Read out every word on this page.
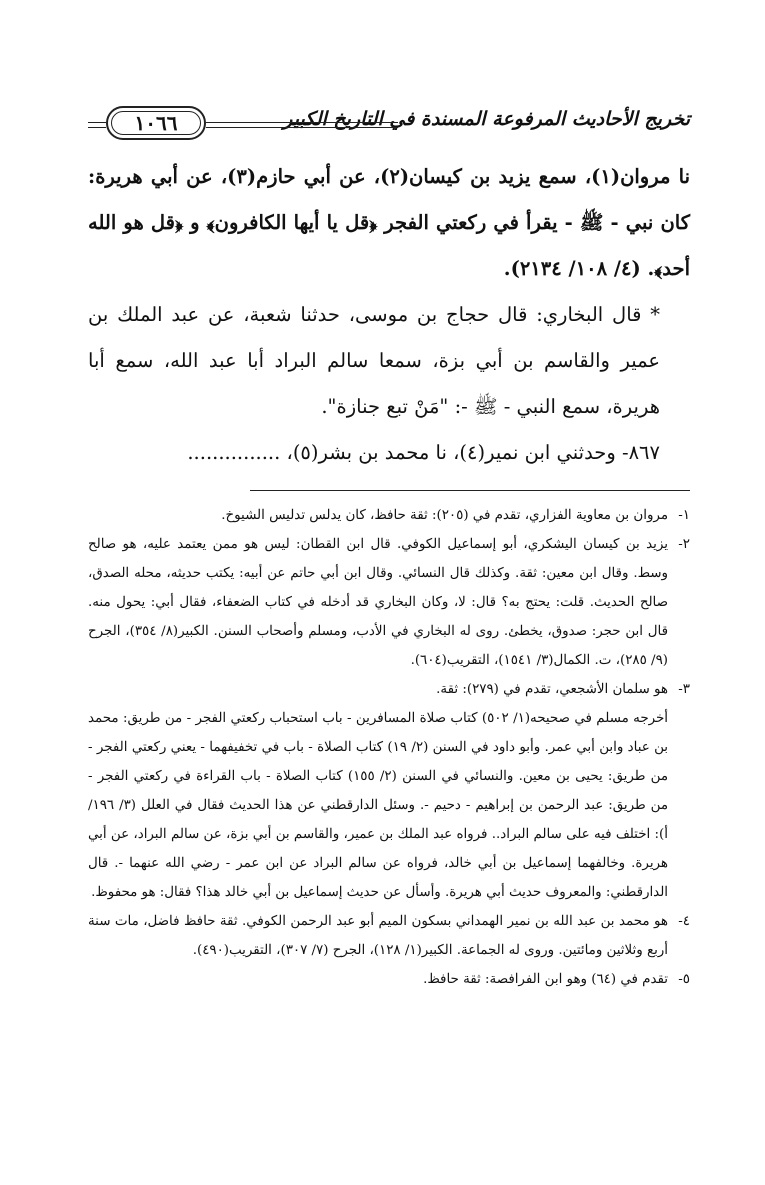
تخريج الأحاديث المرفوعة المسندة في التاريخ الكبير
١٠٦٦

نا مروان(١)، سمع يزيد بن كيسان(٢)، عن أبي حازم(٣)، عن أبي هريرة: كان نبي - ﷺ - يقرأ في ركعتي الفجر ﴿قل يا أيها الكافرون﴾ و ﴿قل هو الله أحد﴾. (٤/ ١٠٨/ ٢١٣٤).

* قال البخاري: قال حجاج بن موسى، حدثنا شعبة، عن عبد الملك بن عمير والقاسم بن أبي بزة، سمعا سالم البراد أبا عبد الله، سمع أبا هريرة، سمع النبي - ﷺ -: "مَنْ تبع جنازة".

٨٦٧- وحدثني ابن نمير(٤)، نا محمد بن بشر(٥)، ...............

١-

مروان بن معاوية الفزاري، تقدم في (٢٠٥): ثقة حافظ، كان يدلس تدليس الشيوخ.

٢-

يزيد بن كيسان اليشكري، أبو إسماعيل الكوفي. قال ابن القطان: ليس هو ممن يعتمد عليه، هو صالح وسط. وقال ابن معين: ثقة. وكذلك قال النسائي. وقال ابن أبي حاتم عن أبيه: يكتب حديثه، محله الصدق، صالح الحديث. قلت: يحتج به؟ قال: لا، وكان البخاري قد أدخله في كتاب الضعفاء، فقال أبي: يحول منه. قال ابن حجر: صدوق، يخطئ. روى له البخاري في الأدب، ومسلم وأصحاب السنن. الكبير(٨/ ٣٥٤)، الجرح (٩/ ٢٨٥)، ت. الكمال(٣/ ١٥٤١)، التقريب(٦٠٤).

٣-

هو سلمان الأشجعي، تقدم في (٢٧٩): ثقة.

أخرجه مسلم في صحيحه(١/ ٥٠٢) كتاب صلاة المسافرين - باب استحباب ركعتي الفجر - من طريق: محمد بن عباد وابن أبي عمر. وأبو داود في السنن (٢/ ١٩) كتاب الصلاة - باب في تخفيفهما - يعني ركعتي الفجر - من طريق: يحيى بن معين. والنسائي في السنن (٢/ ١٥٥) كتاب الصلاة - باب القراءة في ركعتي الفجر - من طريق: عبد الرحمن بن إبراهيم - دحيم -. وسئل الدارقطني عن هذا الحديث فقال في العلل (٣/ ١٩٦/ أ): اختلف فيه على سالم البراد.. فرواه عبد الملك بن عمير، والقاسم بن أبي بزة، عن سالم البراد، عن أبي هريرة. وخالفهما إسماعيل بن أبي خالد، فرواه عن سالم البراد عن ابن عمر - رضي الله عنهما -. قال الدارقطني: والمعروف حديث أبي هريرة. وأسأل عن حديث إسماعيل بن أبي خالد هذا؟ فقال: هو محفوظ.

٤-

هو محمد بن عبد الله بن نمير الهمداني بسكون الميم أبو عبد الرحمن الكوفي. ثقة حافظ فاضل، مات سنة أربع وثلاثين ومائتين. وروى له الجماعة. الكبير(١/ ١٢٨)، الجرح (٧/ ٣٠٧)، التقريب(٤٩٠).

٥-

تقدم في (٦٤) وهو ابن الفرافصة: ثقة حافظ.
